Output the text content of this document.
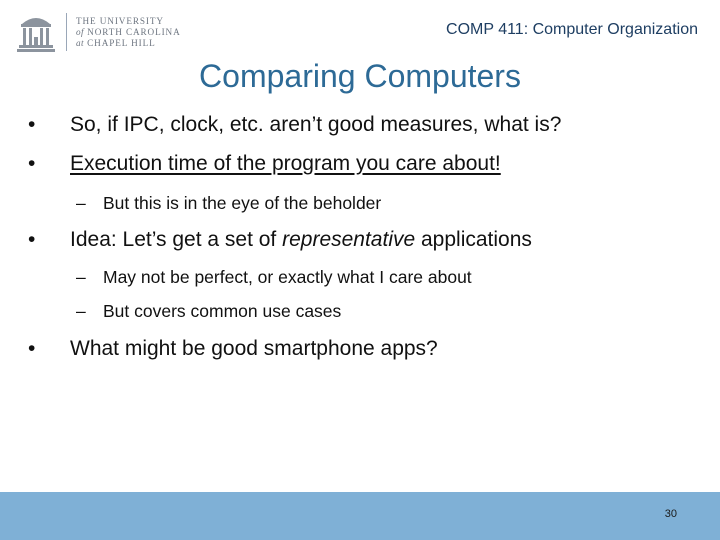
THE UNIVERSITY
of NORTH CAROLINA
at CHAPEL HILL
COMP 411: Computer Organization
Comparing Computers
• So, if IPC, clock, etc. aren’t good measures, what is?
• Execution time of the program you care about!
– But this is in the eye of the beholder
• Idea: Let’s get a set of representative applications
– May not be perfect, or exactly what I care about
– But covers common use cases
• What might be good smartphone apps?
30
